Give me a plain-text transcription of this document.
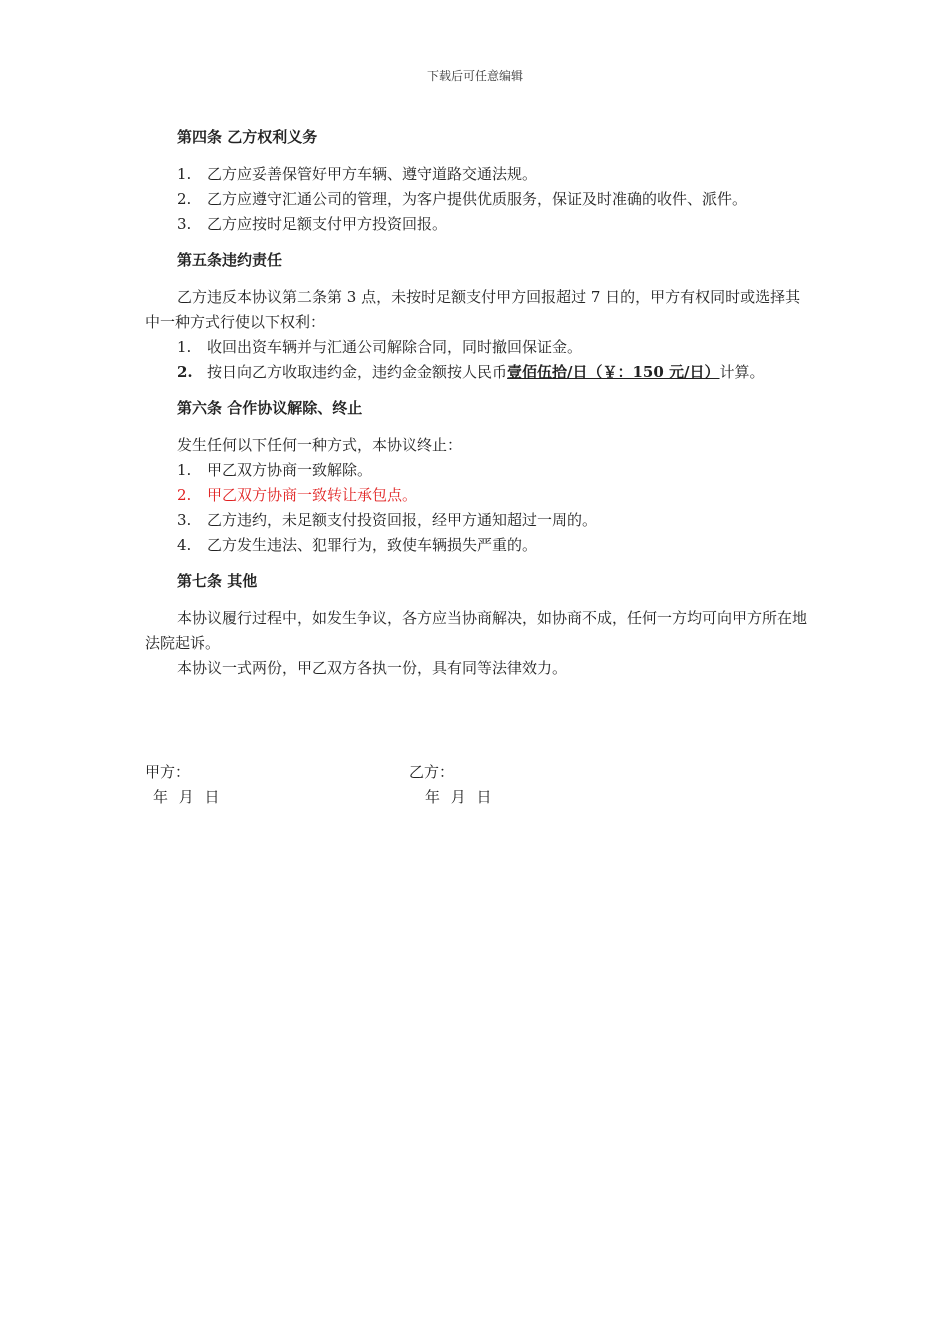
下载后可任意编辑
第四条 乙方权利义务
1. 乙方应妥善保管好甲方车辆、遵守道路交通法规。
2. 乙方应遵守汇通公司的管理，为客户提供优质服务，保证及时准确的收件、派件。
3. 乙方应按时足额支付甲方投资回报。
第五条违约责任

乙方违反本协议第二条第 3 点，未按时足额支付甲方回报超过 7 日的，甲方有权同时或选择其中一种方式行使以下权利：

1. 收回出资车辆并与汇通公司解除合同，同时撤回保证金。
2. 按日向乙方收取违约金，违约金金额按人民币壹佰伍拾/日（￥：150 元/日）计算。
第六条 合作协议解除、终止

发生任何以下任何一种方式，本协议终止：

1. 甲乙双方协商一致解除。
2. 甲乙双方协商一致转让承包点。
3. 乙方违约，未足额支付投资回报，经甲方通知超过一周的。
4. 乙方发生违法、犯罪行为，致使车辆损失严重的。
第七条 其他

本协议履行过程中，如发生争议，各方应当协商解决，如协商不成，任何一方均可向甲方所在地法院起诉。

本协议一式两份，甲乙双方各执一份，具有同等法律效力。

甲方：
年 月 日
乙方：
年 月 日
